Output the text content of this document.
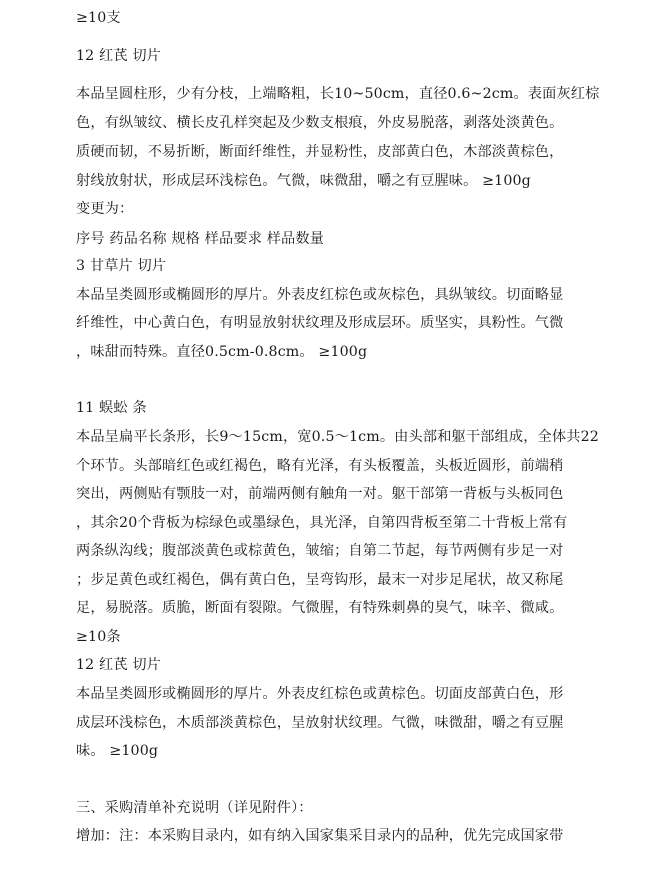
≥10支
12 红芪 切片
本品呈圆柱形，少有分枝，上端略粗，长10~50cm，直径0.6~2cm。表面灰红棕
色，有纵皱纹、横长皮孔样突起及少数支根痕，外皮易脱落，剥落处淡黄色。
质硬而韧，不易折断，断面纤维性，并显粉性，皮部黄白色，木部淡黄棕色，
射线放射状，形成层环浅棕色。气微，味微甜，嚼之有豆腥味。 ≥100g
变更为：
序号 药品名称 规格 样品要求 样品数量
3 甘草片 切片
本品呈类圆形或椭圆形的厚片。外表皮红棕色或灰棕色，具纵皱纹。切面略显
纤维性，中心黄白色，有明显放射状纹理及形成层环。质坚实，具粉性。气微
，味甜而特殊。直径0.5cm-0.8cm。 ≥100g
11 蜈蚣 条
本品呈扁平长条形，长9～15cm，宽0.5～1cm。由头部和躯干部组成，全体共22
个环节。头部暗红色或红褐色，略有光泽，有头板覆盖，头板近圆形，前端稍
突出，两侧贴有颚肢一对，前端两侧有触角一对。躯干部第一背板与头板同色
，其余20个背板为棕绿色或墨绿色，具光泽，自第四背板至第二十背板上常有
两条纵沟线；腹部淡黄色或棕黄色，皱缩；自第二节起，每节两侧有步足一对
；步足黄色或红褐色，偶有黄白色，呈弯钩形，最末一对步足尾状，故又称尾
足，易脱落。质脆，断面有裂隙。气微腥，有特殊刺鼻的臭气，味辛、微咸。
≥10条
12 红芪 切片
本品呈类圆形或椭圆形的厚片。外表皮红棕色或黄棕色。切面皮部黄白色，形
成层环浅棕色，木质部淡黄棕色，呈放射状纹理。气微，味微甜，嚼之有豆腥
味。 ≥100g
三、采购清单补充说明（详见附件）：
增加：注：本采购目录内，如有纳入国家集采目录内的品种，优先完成国家带
